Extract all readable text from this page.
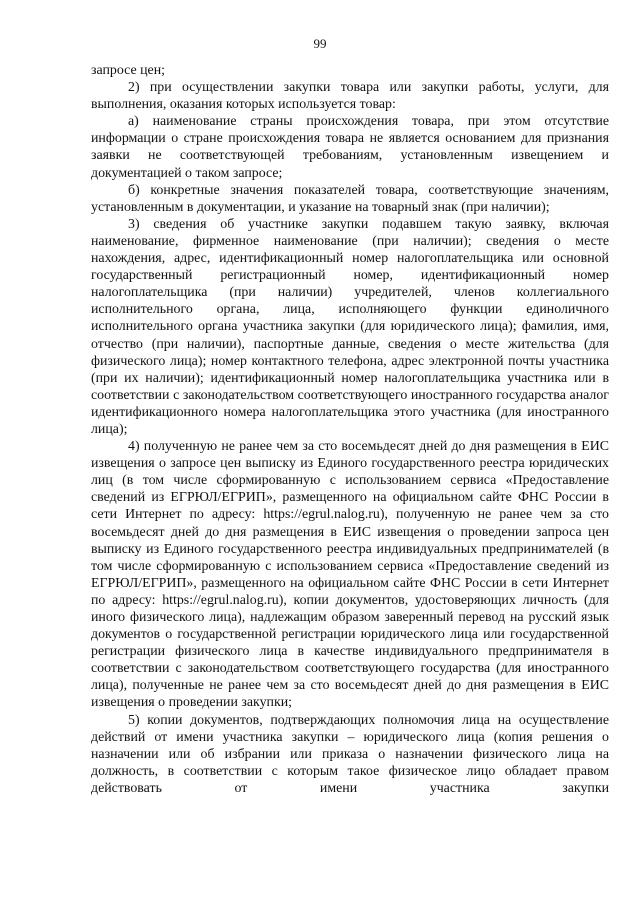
99

запросе цен;

2) при осуществлении закупки товара или закупки работы, услуги, для выполнения, оказания которых используется товар:

а) наименование страны происхождения товара, при этом отсутствие информации о стране происхождения товара не является основанием для признания заявки не соответствующей требованиям, установленным извещением и документацией о таком запросе;

б) конкретные значения показателей товара, соответствующие значениям, установленным в документации, и указание на товарный знак (при наличии);

3) сведения об участнике закупки подавшем такую заявку, включая наименование, фирменное наименование (при наличии); сведения о месте нахождения, адрес, идентификационный номер налогоплательщика или основной государственный регистрационный номер, идентификационный номер налогоплательщика (при наличии) учредителей, членов коллегиального исполнительного органа, лица, исполняющего функции единоличного исполнительного органа участника закупки (для юридического лица); фамилия, имя, отчество (при наличии), паспортные данные, сведения о месте жительства (для физического лица); номер контактного телефона, адрес электронной почты участника (при их наличии); идентификационный номер налогоплательщика участника или в соответствии с законодательством соответствующего иностранного государства аналог идентификационного номера налогоплательщика этого участника (для иностранного лица);

4) полученную не ранее чем за сто восемьдесят дней до дня размещения в ЕИС извещения о запросе цен выписку из Единого государственного реестра юридических лиц (в том числе сформированную с использованием сервиса «Предоставление сведений из ЕГРЮЛ/ЕГРИП», размещенного на официальном сайте ФНС России в сети Интернет по адресу: https://egrul.nalog.ru), полученную не ранее чем за сто восемьдесят дней до дня размещения в ЕИС извещения о проведении запроса цен выписку из Единого государственного реестра индивидуальных предпринимателей (в том числе сформированную с использованием сервиса «Предоставление сведений из ЕГРЮЛ/ЕГРИП», размещенного на официальном сайте ФНС России в сети Интернет по адресу: https://egrul.nalog.ru), копии документов, удостоверяющих личность (для иного физического лица), надлежащим образом заверенный перевод на русский язык документов о государственной регистрации юридического лица или государственной регистрации физического лица в качестве индивидуального предпринимателя в соответствии с законодательством соответствующего государства (для иностранного лица), полученные не ранее чем за сто восемьдесят дней до дня размещения в ЕИС извещения о проведении закупки;

5) копии документов, подтверждающих полномочия лица на осуществление действий от имени участника закупки – юридического лица (копия решения о назначении или об избрании или приказа о назначении физического лица на должность, в соответствии с которым такое физическое лицо обладает правом действовать от имени участника закупки
